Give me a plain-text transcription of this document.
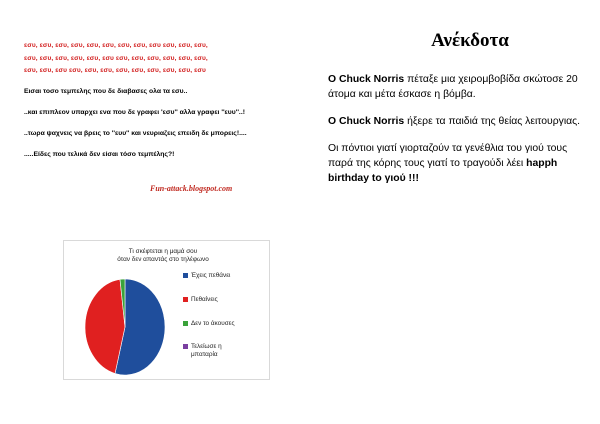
εσυ, εσυ, εσυ, εσυ, εσυ, εσυ, εσυ, εσυ, εσυ εσυ, εσυ, εσυ,
εσυ, εσυ, εσυ, εσυ, εσυ, εσυ εσυ, εσυ, εσυ, εσυ, εσυ, εσυ,
εσυ, εσυ, εσυ εσυ, εσυ, εσυ, εσυ, εσυ, εσυ, εσυ, εσυ, εσυ

Εισαι τοσο τεμπελης που δε διαβασες ολα τα εσυ..

..και επιπλεον υπαρχει ενα που δε γραφει 'εσυ'' αλλα γραφει ''ευυ''..!

..τωρα ψαχνεις να βρεις το ''ευυ'' και νευριαζεις επειδη δε μπορεις!....

.....Είδες που τελικά δεν είσαι τόσο τεμπέλης?!

Fun-attack.blogspot.com
Τι σκέφτεται η μαμά σου
όταν δεν απαντάς στο τηλέφωνο
Έχεις πεθάνει
Πεθαίνεις
Δεν το άκουσες
Τελείωσε η
μπαταρία
Ανέκδοτα

O Chuck Norris πέταξε μια χειρομβοβίδα σκώτοσε 20 άτομα και μέτα έσκασε η βόμβα.

O Chuck Norris ήξερε τα παιδιά της θείας λειτουργιας.

Οι πόντιοι γιατί γιορταζούν τα γενέθλια του γιού τους παρά της κόρης τους γιατί το τραγούδι λέει happh birthday to γιού !!!
